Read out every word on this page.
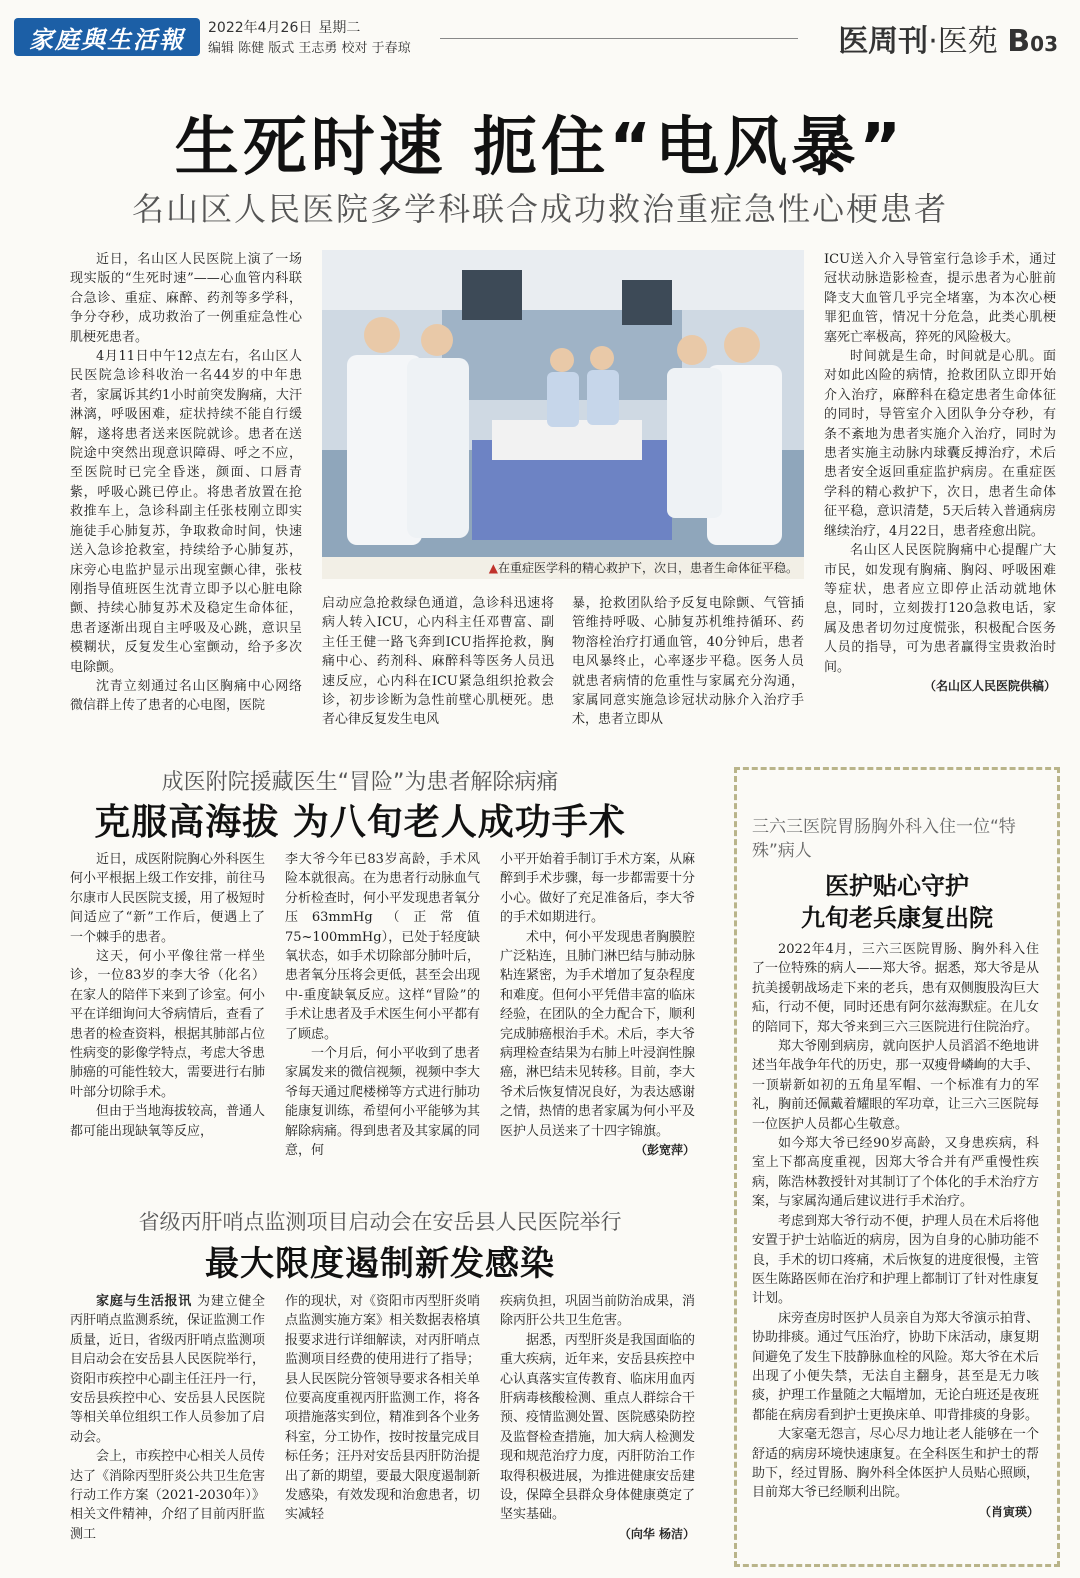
家庭與生活報 2022年4月26日 星期二
编辑 陈健 版式 王志勇 校对 于春琼	医周刊·医苑 B03
生死时速 扼住“电风暴”
名山区人民医院多学科联合成功救治重症急性心梗患者

近日，名山区人民医院上演了一场现实版的“生死时速”——心血管内科联合急诊、重症、麻醉、药剂等多学科，争分夺秒，成功救治了一例重症急性心肌梗死患者。

4月11日中午12点左右，名山区人民医院急诊科收治一名44岁的中年患者，家属诉其约1小时前突发胸痛，大汗淋漓，呼吸困难，症状持续不能自行缓解，遂将患者送来医院就诊。患者在送院途中突然出现意识障碍、呼之不应，至医院时已完全昏迷，颜面、口唇青紫，呼吸心跳已停止。将患者放置在抢救推车上，急诊科副主任张枝刚立即实施徒手心肺复苏，争取救命时间，快速送入急诊抢救室，持续给予心肺复苏，床旁心电监护显示出现室颤心律，张枝刚指导值班医生沈青立即予以心脏电除颤、持续心肺复苏术及稳定生命体征，患者逐渐出现自主呼吸及心跳，意识呈模糊状，反复发生心室颤动，给予多次电除颤。

沈青立刻通过名山区胸痛中心网络微信群上传了患者的心电图，医院

▲在重症医学科的精心救护下，次日，患者生命体征平稳。

启动应急抢救绿色通道，急诊科迅速将病人转入ICU，心内科主任邓曹富、副主任王健一路飞奔到ICU指挥抢救，胸痛中心、药剂科、麻醉科等医务人员迅速反应，心内科在ICU紧急组织抢救会诊，初步诊断为急性前壁心肌梗死。患者心律反复发生电风

暴，抢救团队给予反复电除颤、气管插管维持呼吸、心肺复苏机维持循环、药物溶栓治疗打通血管，40分钟后，患者电风暴终止，心率逐步平稳。医务人员就患者病情的危重性与家属充分沟通，家属同意实施急诊冠状动脉介入治疗手术，患者立即从

ICU送入介入导管室行急诊手术，通过冠状动脉造影检查，提示患者为心脏前降支大血管几乎完全堵塞，为本次心梗罪犯血管，情况十分危急，此类心肌梗塞死亡率极高，猝死的风险极大。

时间就是生命，时间就是心肌。面对如此凶险的病情，抢救团队立即开始介入治疗，麻醉科在稳定患者生命体征的同时，导管室介入团队争分夺秒，有条不紊地为患者实施介入治疗，同时为患者实施主动脉内球囊反搏治疗，术后患者安全返回重症监护病房。在重症医学科的精心救护下，次日，患者生命体征平稳，意识清楚，5天后转入普通病房继续治疗，4月22日，患者痊愈出院。

名山区人民医院胸痛中心提醒广大市民，如发现有胸痛、胸闷、呼吸困难等症状，患者应立即停止活动就地休息，同时，立刻拨打120急救电话，家属及患者切勿过度慌张，积极配合医务人员的指导，可为患者赢得宝贵救治时间。

（名山区人民医院供稿）
成医附院援藏医生“冒险”为患者解除病痛
克服高海拔 为八旬老人成功手术

近日，成医附院胸心外科医生何小平根据上级工作安排，前往马尔康市人民医院支援，用了极短时间适应了“新”工作后，便遇上了一个棘手的患者。

这天，何小平像往常一样坐诊，一位83岁的李大爷（化名）在家人的陪伴下来到了诊室。何小平在详细询问大爷病情后，查看了患者的检查资料，根据其肺部占位性病变的影像学特点，考虑大爷患肺癌的可能性较大，需要进行右肺叶部分切除手术。

但由于当地海拔较高，普通人都可能出现缺氧等反应，

李大爷今年已83岁高龄，手术风险本就很高。在为患者行动脉血气分析检查时，何小平发现患者氧分压63mmHg（正常值75~100mmHg），已处于轻度缺氧状态，如手术切除部分肺叶后，患者氧分压将会更低，甚至会出现中-重度缺氧反应。这样“冒险”的手术让患者及手术医生何小平都有了顾虑。

一个月后，何小平收到了患者家属发来的微信视频，视频中李大爷每天通过爬楼梯等方式进行肺功能康复训练，希望何小平能够为其解除病痛。得到患者及其家属的同意，何

小平开始着手制订手术方案，从麻醉到手术步骤，每一步都需要十分小心。做好了充足准备后，李大爷的手术如期进行。

术中，何小平发现患者胸膜腔广泛粘连，且肺门淋巴结与肺动脉粘连紧密，为手术增加了复杂程度和难度。但何小平凭借丰富的临床经验，在团队的全力配合下，顺利完成肺癌根治手术。术后，李大爷病理检查结果为右肺上叶浸润性腺癌，淋巴结未见转移。目前，李大爷术后恢复情况良好，为表达感谢之情，热情的患者家属为何小平及医护人员送来了十四字锦旗。

（彭宽萍）
省级丙肝哨点监测项目启动会在安岳县人民医院举行
最大限度遏制新发感染

家庭与生活报讯 为建立健全丙肝哨点监测系统，保证监测工作质量，近日，省级丙肝哨点监测项目启动会在安岳县人民医院举行，资阳市疾控中心副主任汪丹一行，安岳县疾控中心、安岳县人民医院等相关单位组织工作人员参加了启动会。

会上，市疾控中心相关人员传达了《消除丙型肝炎公共卫生危害行动工作方案（2021-2030年）》相关文件精神，介绍了目前丙肝监测工

作的现状，对《资阳市丙型肝炎哨点监测实施方案》相关数据表格填报要求进行详细解读，对丙肝哨点监测项目经费的使用进行了指导；县人民医院分管领导要求各相关单位要高度重视丙肝监测工作，将各项措施落实到位，精准到各个业务科室，分工协作，按时按量完成目标任务；汪丹对安岳县丙肝防治提出了新的期望，要最大限度遏制新发感染，有效发现和治愈患者，切实减轻

疾病负担，巩固当前防治成果，消除丙肝公共卫生危害。

据悉，丙型肝炎是我国面临的重大疾病，近年来，安岳县疾控中心认真落实宣传教育、临床用血丙肝病毒核酸检测、重点人群综合干预、疫情监测处置、医院感染防控及监督检查措施，加大病人检测发现和规范治疗力度，丙肝防治工作取得积极进展，为推进健康安岳建设，保障全县群众身体健康奠定了坚实基础。

（向华 杨洁）
三六三医院胃肠胸外科入住一位“特殊”病人
医护贴心守护
九旬老兵康复出院

2022年4月，三六三医院胃肠、胸外科入住了一位特殊的病人——郑大爷。据悉，郑大爷是从抗美援朝战场走下来的老兵，患有双侧腹股沟巨大疝，行动不便，同时还患有阿尔兹海默症。在儿女的陪同下，郑大爷来到三六三医院进行住院治疗。

郑大爷刚到病房，就向医护人员滔滔不绝地讲述当年战争年代的历史，那一双瘦骨嶙峋的大手、一顶崭新如初的五角星军帽、一个标准有力的军礼，胸前还佩戴着耀眼的军功章，让三六三医院每一位医护人员都心生敬意。

如今郑大爷已经90岁高龄，又身患疾病，科室上下都高度重视，因郑大爷合并有严重慢性疾病，陈浩林教授针对其制订了个体化的手术治疗方案，与家属沟通后建议进行手术治疗。

考虑到郑大爷行动不便，护理人员在术后将他安置于护士站临近的病房，因为自身的心肺功能不良，手术的切口疼痛，术后恢复的进度很慢，主管医生陈路医师在治疗和护理上都制订了针对性康复计划。

床旁查房时医护人员亲自为郑大爷演示拍背、协助排痰。通过气压治疗，协助下床活动，康复期间避免了发生下肢静脉血栓的风险。郑大爷在术后出现了小便失禁，无法自主翻身，甚至是无力咳痰，护理工作量随之大幅增加，无论白班还是夜班都能在病房看到护士更换床单、叩背排痰的身影。

大家毫无怨言，尽心尽力地让老人能够在一个舒适的病房环境快速康复。在全科医生和护士的帮助下，经过胃肠、胸外科全体医护人员贴心照顾，目前郑大爷已经顺利出院。

（肖寅瑛）
